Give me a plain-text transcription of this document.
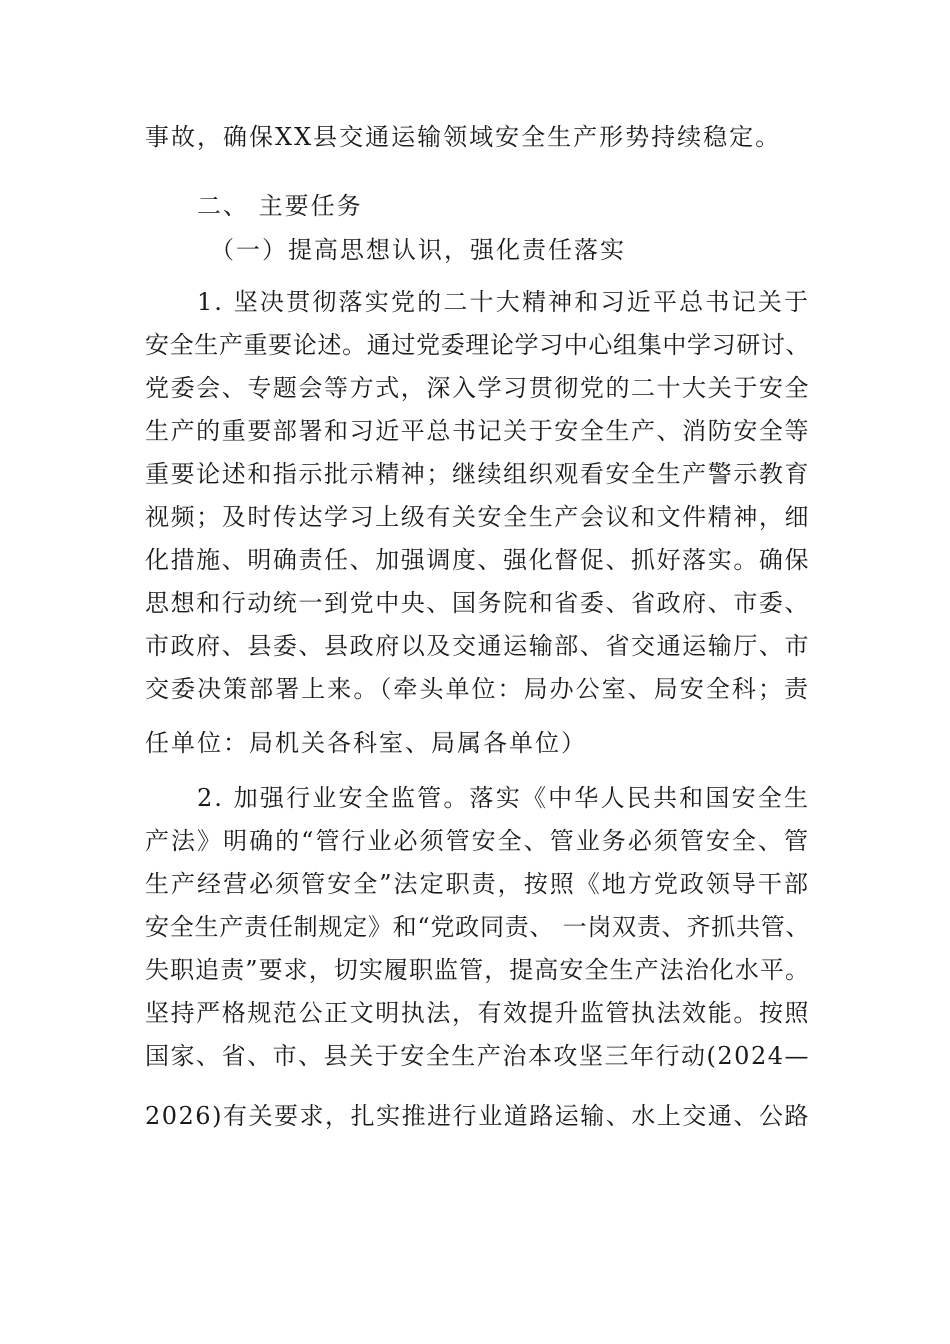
事故，确保XX县交通运输领域安全生产形势持续稳定。
二、 主要任务
（一）提高思想认识，强化责任落实
1. 坚决贯彻落实党的二十大精神和习近平总书记关于
安全生产重要论述。通过党委理论学习中心组集中学习研讨、
党委会、专题会等方式，深入学习贯彻党的二十大关于安全
生产的重要部署和习近平总书记关于安全生产、消防安全等
重要论述和指示批示精神；继续组织观看安全生产警示教育
视频；及时传达学习上级有关安全生产会议和文件精神，细
化措施、明确责任、加强调度、强化督促、抓好落实。确保
思想和行动统一到党中央、国务院和省委、省政府、市委、
市政府、县委、县政府以及交通运输部、省交通运输厅、市
交委决策部署上来。（牵头单位：局办公室、局安全科；责
任单位：局机关各科室、局属各单位）
2. 加强行业安全监管。落实《中华人民共和国安全生
产法》明确的“管行业必须管安全、管业务必须管安全、管
生产经营必须管安全”法定职责，按照《地方党政领导干部
安全生产责任制规定》和“党政同责、 一岗双责、齐抓共管、
失职追责”要求，切实履职监管，提高安全生产法治化水平。
坚持严格规范公正文明执法，有效提升监管执法效能。按照
国家、省、市、县关于安全生产治本攻坚三年行动(2024—
2026)有关要求，扎实推进行业道路运输、水上交通、公路
